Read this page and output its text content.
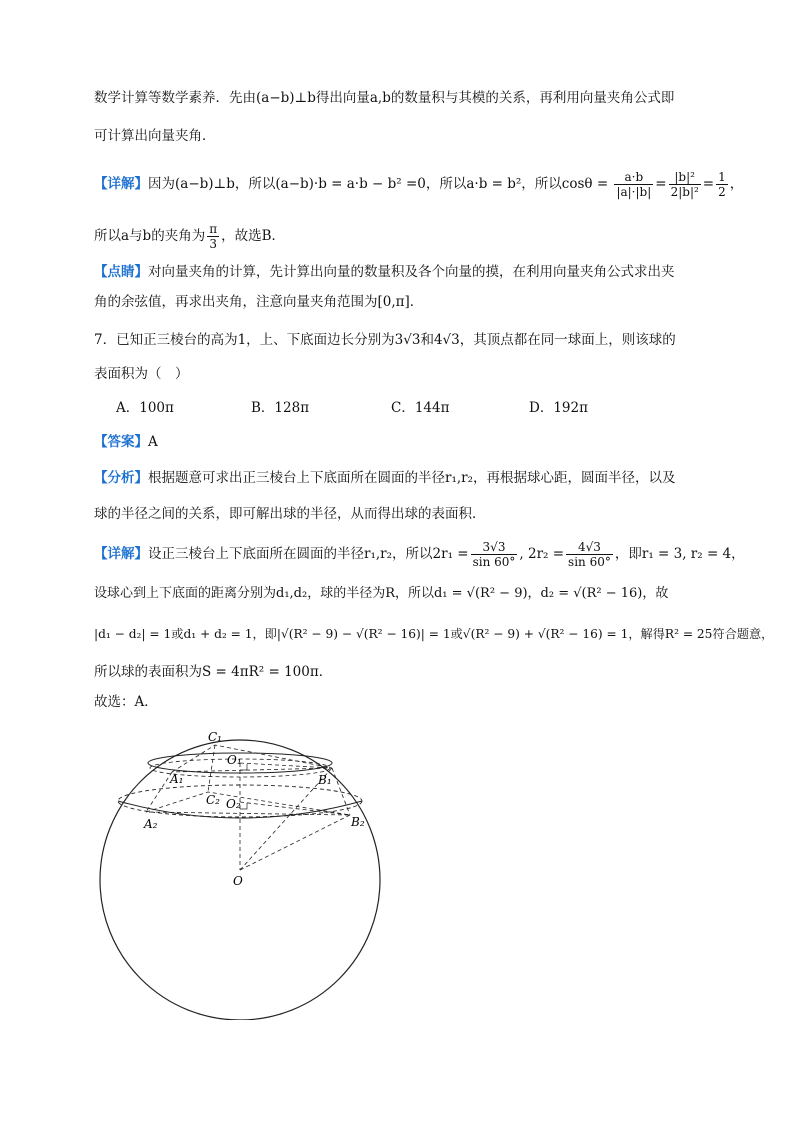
数学计算等数学素养．先由(a−b)⊥b得出向量a,b的数量积与其模的关系，再利用向量夹角公式即
可计算出向量夹角．
【详解】因为(a−b)⊥b，所以(a−b)·b = a·b − b² =0，所以a·b = b²，所以$\cos\theta = \frac{a\cdot b}{|a|\cdot|b|} = \frac{\text{|b|²}}{\text{2|b|²}} = \frac{1}{2}$ ，
所以a与b的夹角为 $\frac{\pi}{3}$ ，故选B．
【点睛】对向量夹角的计算，先计算出向量的数量积及各个向量的摸，在利用向量夹角公式求出夹
角的余弦值，再求出夹角，注意向量夹角范围为[0,π]．
7．已知正三棱台的高为1，上、下底面边长分别为3√3和4√3，其顶点都在同一球面上，则该球的
表面积为（　）
A．100π	B．128π	C．144π	D．192π
【答案】A
【分析】根据题意可求出正三棱台上下底面所在圆面的半径r₁,r₂，再根据球心距，圆面半径，以及
球的半径之间的关系，即可解出球的半径，从而得出球的表面积．
【详解】设正三棱台上下底面所在圆面的半径r₁,r₂，所以$2r_1 = \frac{3√3}{\sin 60^\circ}$ , $2r_2 = \frac{4√3}{\sin 60^\circ}$ ，即r₁ = 3, r₂ = 4，
设球心到上下底面的距离分别为d₁,d₂，球的半径为R，所以d₁ = √(R² − 9)，d₂ = √(R² − 16)，故
|d₁ − d₂| = 1或d₁ + d₂ = 1，即|√(R² − 9) − √(R² − 16)| = 1或√(R² − 9) + √(R² − 16) = 1，解得R² = 25符合题意，
所以球的表面积为S = 4πR² = 100π．
故选：A．
C₁
O₁
A₁	B₁
C₂ O₂
A₂	B₂
O
